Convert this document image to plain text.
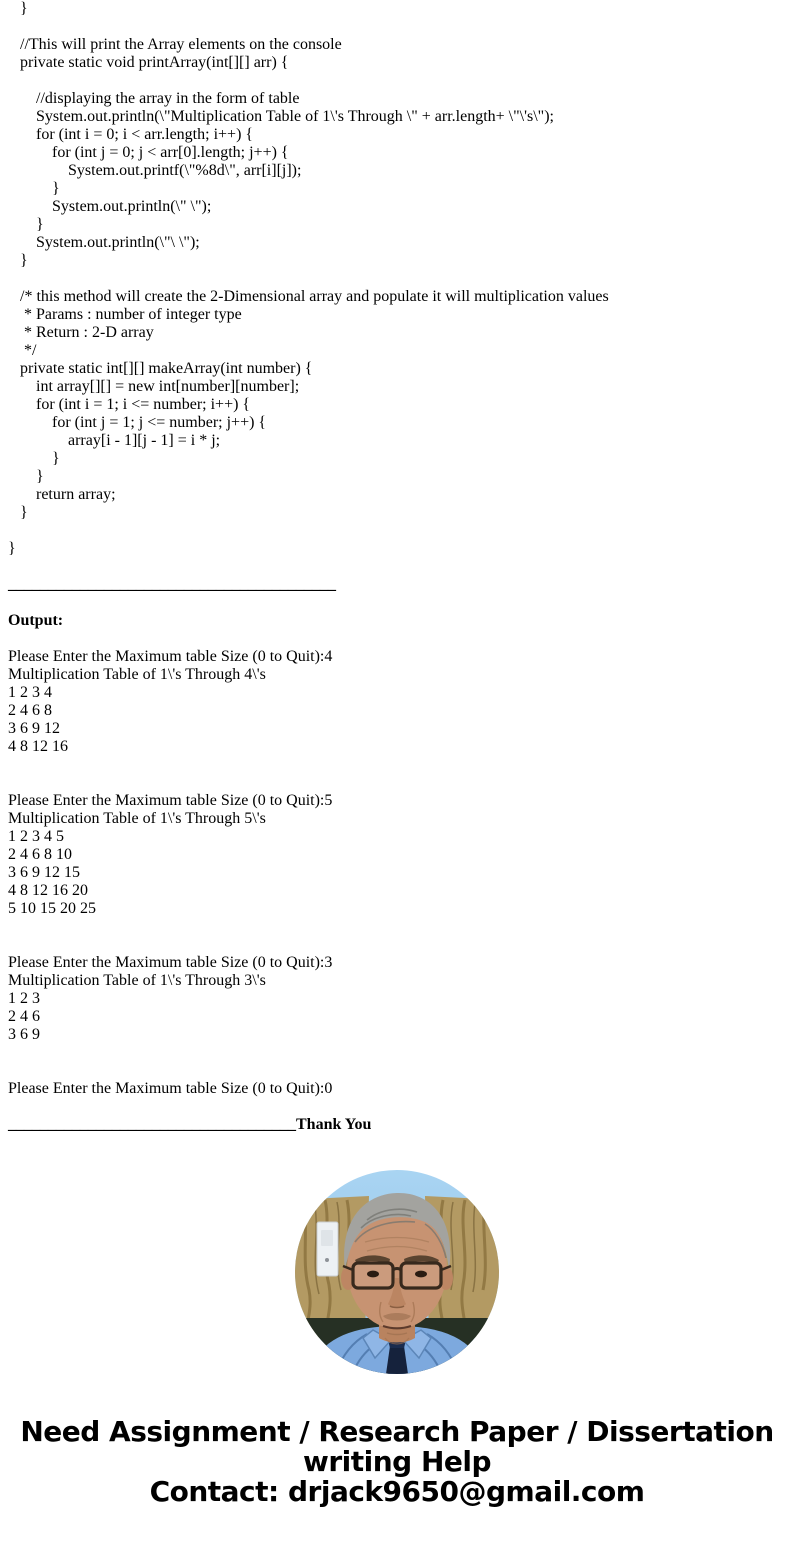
}
//This will print the Array elements on the console
private static void printArray(int[][] arr) {
//displaying the array in the form of table
System.out.println(\"Multiplication Table of 1\'s Through \" + arr.length+ \"\'s\");
for (int i = 0; i < arr.length; i++) {
for (int j = 0; j < arr[0].length; j++) {
System.out.printf(\"%8d\", arr[i][j]);
}
System.out.println(\" \");
}
System.out.println(\"\ \");
}
/* this method will create the 2-Dimensional array and populate it will multiplication values
* Params : number of integer type
* Return : 2-D array
*/
private static int[][] makeArray(int number) {
int array[][] = new int[number][number];
for (int i = 1; i <= number; i++) {
for (int j = 1; j <= number; j++) {
array[i - 1][j - 1] = i * j;
}
}
return array;
}
}
_________________________________________
Output:
Please Enter the Maximum table Size (0 to Quit):4
Multiplication Table of 1\'s Through 4\'s
1 2 3 4
2 4 6 8
3 6 9 12
4 8 12 16
Please Enter the Maximum table Size (0 to Quit):5
Multiplication Table of 1\'s Through 5\'s
1 2 3 4 5
2 4 6 8 10
3 6 9 12 15
4 8 12 16 20
5 10 15 20 25
Please Enter the Maximum table Size (0 to Quit):3
Multiplication Table of 1\'s Through 3\'s
1 2 3
2 4 6
3 6 9
Please Enter the Maximum table Size (0 to Quit):0
____________________________________Thank You
Need Assignment / Research Paper / Dissertation writing Help
Contact: drjack9650@gmail.com
